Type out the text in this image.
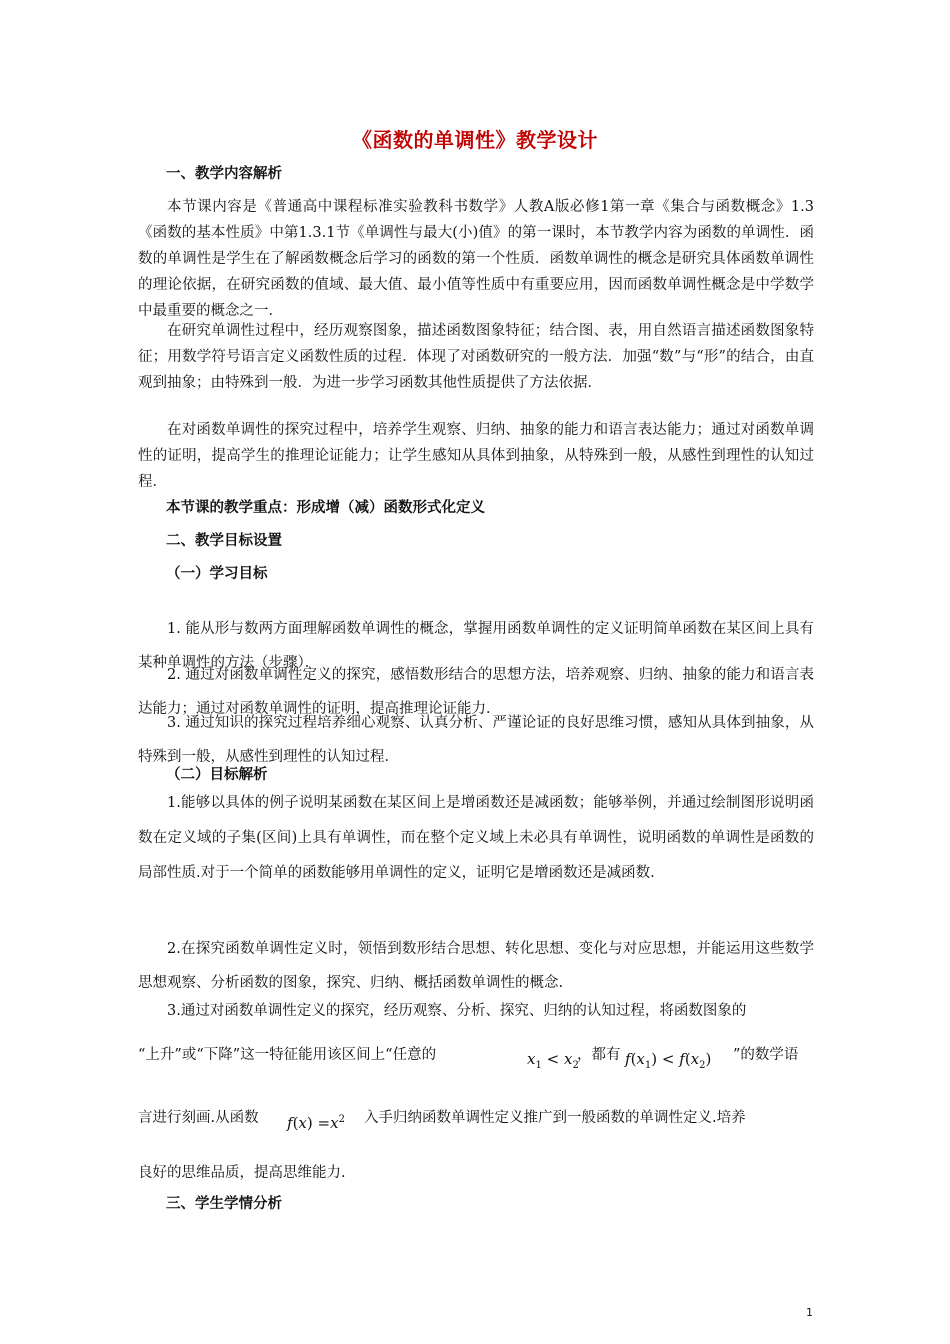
《函数的单调性》教学设计
一、教学内容解析

本节课内容是《普通高中课程标准实验教科书数学》人教A版必修1第一章《集合与函数概念》1.3《函数的基本性质》中第1.3.1节《单调性与最大(小)值》的第一课时，本节教学内容为函数的单调性．函数的单调性是学生在了解函数概念后学习的函数的第一个性质．函数单调性的概念是研究具体函数单调性的理论依据，在研究函数的值域、最大值、最小值等性质中有重要应用，因而函数单调性概念是中学数学中最重要的概念之一．

在研究单调性过程中，经历观察图象，描述函数图象特征；结合图、表，用自然语言描述函数图象特征；用数学符号语言定义函数性质的过程．体现了对函数研究的一般方法．加强“数”与“形”的结合，由直观到抽象；由特殊到一般．为进一步学习函数其他性质提供了方法依据．

在对函数单调性的探究过程中，培养学生观察、归纳、抽象的能力和语言表达能力；通过对函数单调性的证明，提高学生的推理论证能力；让学生感知从具体到抽象，从特殊到一般，从感性到理性的认知过程．

本节课的教学重点：形成增（减）函数形式化定义
二、教学目标设置
（一）学习目标

1. 能从形与数两方面理解函数单调性的概念，掌握用函数单调性的定义证明简单函数在某区间上具有某种单调性的方法（步骤）．

2. 通过对函数单调性定义的探究，感悟数形结合的思想方法，培养观察、归纳、抽象的能力和语言表达能力；通过对函数单调性的证明，提高推理论证能力．

3. 通过知识的探究过程培养细心观察、认真分析、严谨论证的良好思维习惯，感知从具体到抽象，从特殊到一般，从感性到理性的认知过程．

（二）目标解析

1.能够以具体的例子说明某函数在某区间上是增函数还是减函数；能够举例，并通过绘制图形说明函数在定义域的子集(区间)上具有单调性，而在整个定义域上未必具有单调性，说明函数的单调性是函数的局部性质.对于一个简单的函数能够用单调性的定义，证明它是增函数还是减函数.

2.在探究函数单调性定义时，领悟到数形结合思想、转化思想、变化与对应思想，并能运用这些数学思想观察、分析函数的图象，探究、归纳、概括函数单调性的概念.

3.通过对函数单调性定义的探究，经历观察、分析、探究、归纳的认知过程，将函数图象的
“上升”或“下降”这一特征能用该区间上“任意的	$x_1 < x_2$
，都有 $f(x_1) < f(x_2)$ ”的数学语
言进行刻画.从函数 $f(x) =x^2$ 入手归纳函数单调性定义推广到一般函数的单调性定义.培养
良好的思维品质，提高思维能力.
三、学生学情分析
1
